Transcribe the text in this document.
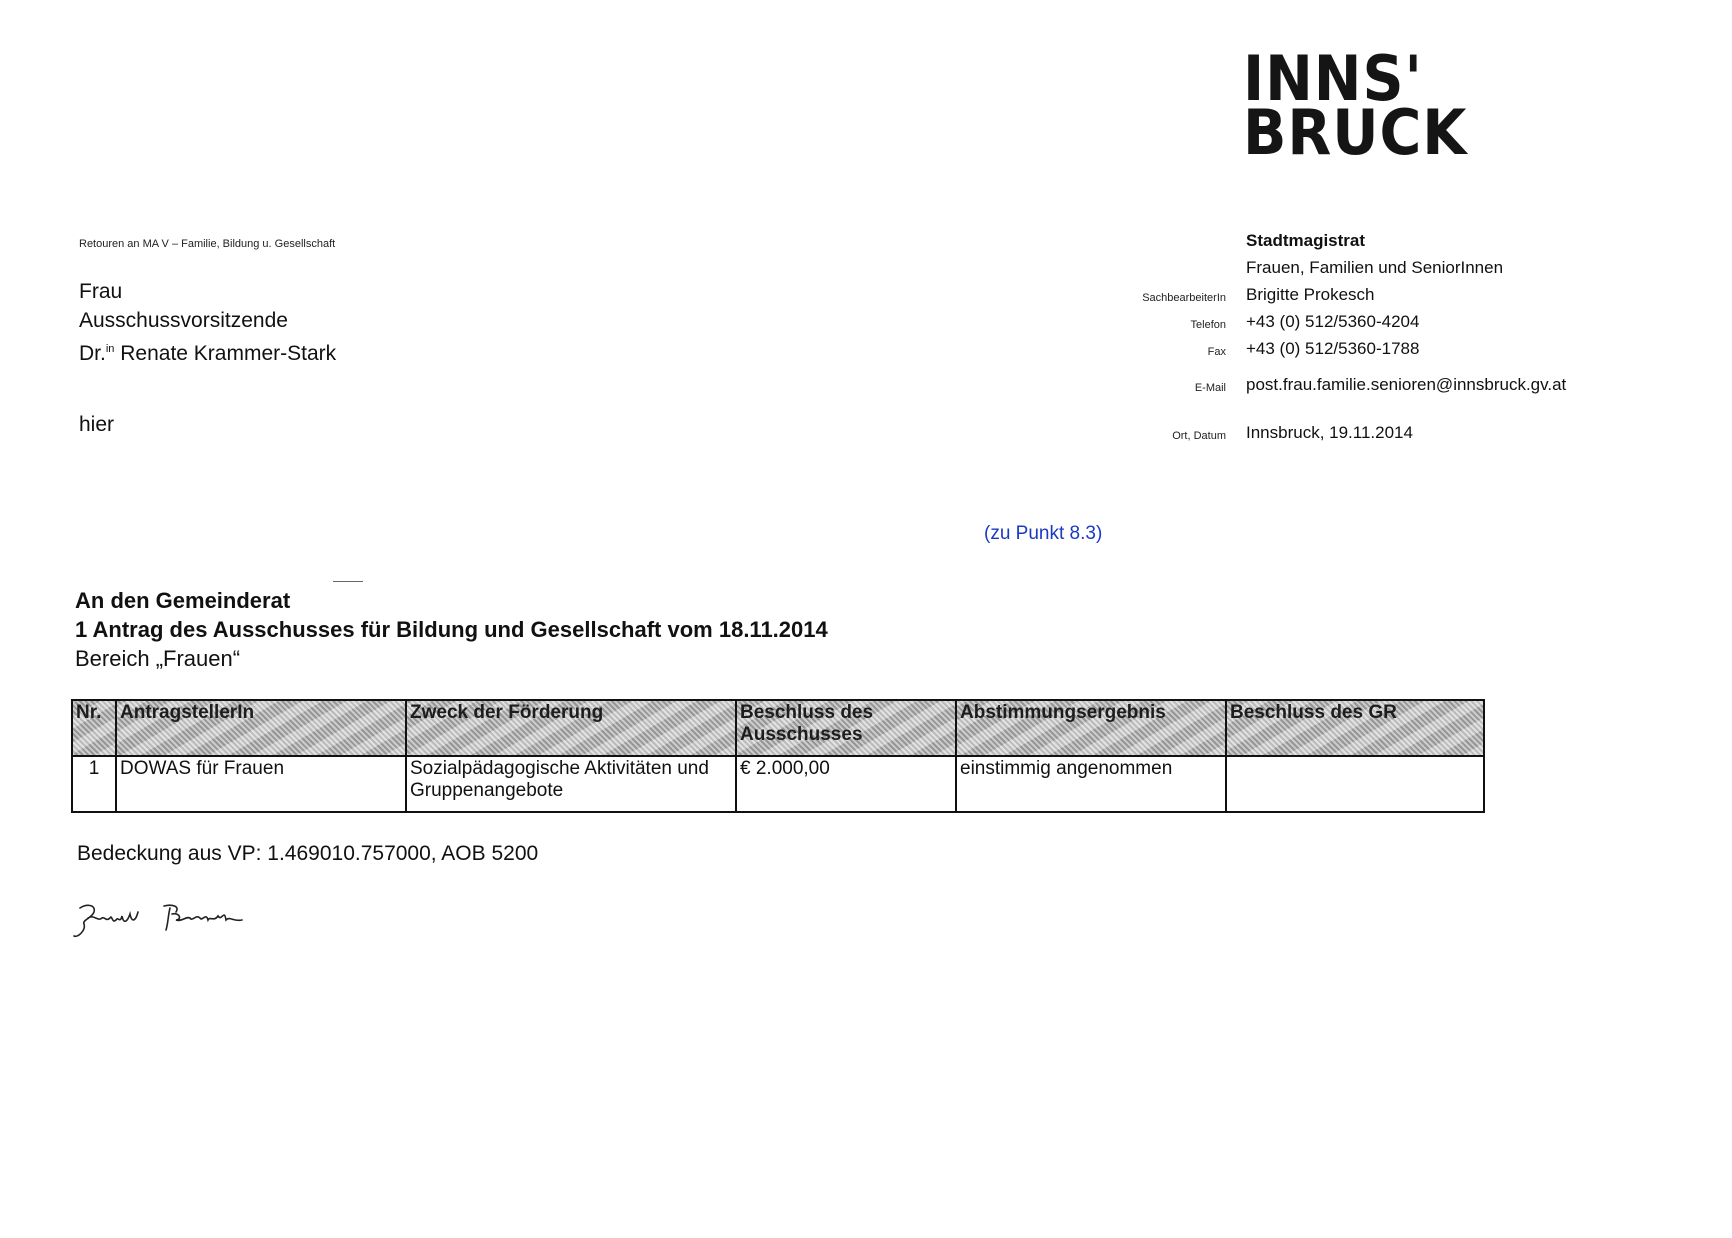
INNS'
BRUCK
Retouren an MA V – Familie, Bildung u. Gesellschaft
Frau
Ausschussvorsitzende
Dr.$^{in}$ Renate Krammer-Stark
hier
Stadtmagistrat
Frauen, Familien und SeniorInnen
SachbearbeiterIn Brigitte Prokesch
Telefon +43 (0) 512/5360-4204
Fax +43 (0) 512/5360-1788
E-Mail post.frau.familie.senioren@innsbruck.gv.at
Ort, Datum Innsbruck, 19.11.2014
(zu Punkt 8.3)
An den Gemeinderat
1 Antrag des Ausschusses für Bildung und Gesellschaft vom 18.11.2014
Bereich „Frauen“
Nr.	AntragstellerIn	Zweck der Förderung	Beschluss des Ausschusses	Abstimmungsergebnis	Beschluss des GR
1	DOWAS für Frauen	Sozialpädagogische Aktivitäten und Gruppenangebote	€ 2.000,00	einstimmig angenommen	
Bedeckung aus VP: 1.469010.757000, AOB 5200
